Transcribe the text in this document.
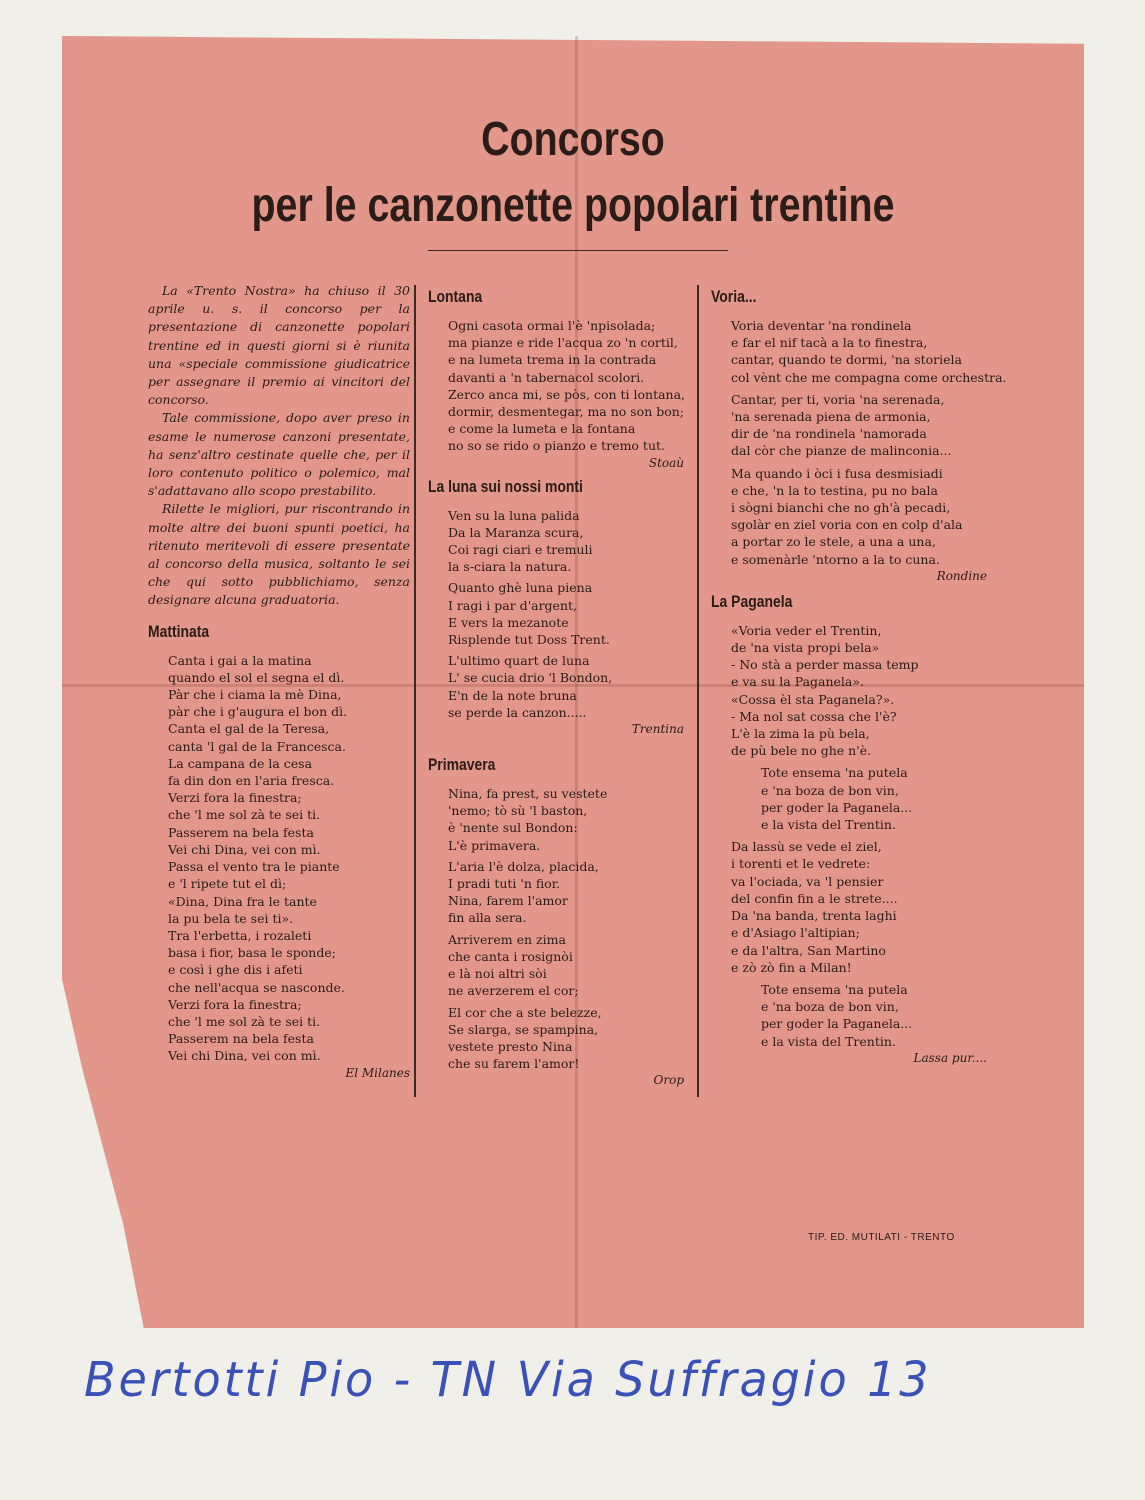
Concorso
per le canzonette popolari trentine

La «Trento Nostra» ha chiuso il 30 aprile u. s. il concorso per la presentazione di canzonette popolari trentine ed in questi giorni si è riunita una «speciale commissione giudicatrice per assegnare il premio ai vincitori del concorso.

Tale commissione, dopo aver preso in esame le numerose canzoni presentate, ha senz'altro cestinate quelle che, per il loro contenuto politico o polemico, mal s'adattavano allo scopo prestabilito.

Rilette le migliori, pur riscontrando in molte altre dei buoni spunti poetici, ha ritenuto meritevoli di essere presentate al concorso della musica, soltanto le sei che qui sotto pubblichiamo, senza designare alcuna graduatoria.

Mattinata

Canta i gai a la matina
quando el sol el segna el dì.
Pàr che i ciama la mè Dina,
pàr che i g'augura el bon dì.
Canta el gal de la Teresa,
canta 'l gal de la Francesca.
La campana de la cesa
fa din don en l'aria fresca.

Verzi fora la finestra;
che 'l me sol zà te sei ti.
Passerem na bela festa
Vei chi Dina, vei con mì.

Passa el vento tra le piante
e 'l ripete tut el dì;
«Dina, Dina fra le tante
la pu bela te sei ti».

Tra l'erbetta, i rozaleti
basa i fior, basa le sponde;
e così i ghe dis i afeti
che nell'acqua se nasconde.

Verzi fora la finestra;
che 'l me sol zà te sei ti.
Passerem na bela festa
Vei chi Dina, vei con mì.

El Milanes
Lontana

Ogni casota ormai l'è 'npisolada;
ma pianze e ride l'acqua zo 'n cortil,
e na lumeta trema in la contrada
davanti a 'n tabernacol scolori.
Zerco anca mi, se pòs, con ti lontana,
dormir, desmentegar, ma no son bon;
e come la lumeta e la fontana
no so se rido o pianzo e tremo tut.

Stoaù
La luna sui nossi monti

Ven su la luna palida
Da la Maranza scura,
Coi ragi ciari e tremuli
la s-ciara la natura.

Quanto ghè luna piena
I ragi i par d'argent,
E vers la mezanote
Risplende tut Doss Trent.

L'ultimo quart de luna
L' se cucia drio 'l Bondon,
E'n de la note bruna
se perde la canzon.....

Trentina
Primavera

Nina, fa prest, su vestete
'nemo; tò sù 'l baston,
è 'nente sul Bondon:
L'è primavera.

L'aria l'è dolza, placida,
I pradi tuti 'n fior.
Nina, farem l'amor
fin alla sera.

Arriverem en zima
che canta i rosignòi
e là noi altri sòi
ne averzerem el cor;

El cor che a ste belezze,
Se slarga, se spampina,
vestete presto Nina
che su farem l'amor!

Orop
Voria...

Voria deventar 'na rondinela
e far el nif tacà a la to finestra,
cantar, quando te dormi, 'na storiela
col vènt che me compagna come orchestra.

Cantar, per ti, voria 'na serenada,
'na serenada piena de armonia,
dir de 'na rondinela 'namorada
dal còr che pianze de malinconia...

Ma quando i òci i fusa desmisiadi
e che, 'n la to testina, pu no bala
i sògni bianchi che no gh'à pecadi,
sgolàr en ziel voria con en colp d'ala
a portar zo le stele, a una a una,
e somenàrle 'ntorno a la to cuna.

Rondine
La Paganela

«Voria veder el Trentin,
de 'na vista propi bela»
- No stà a perder massa temp
e va su la Paganela».
«Cossa èl sta Paganela?».
- Ma nol sat cossa che l'è?
L'è la zima la pù bela,
de pù bele no ghe n'è.

Tote ensema 'na putela
e 'na boza de bon vin,
per goder la Paganela...
e la vista del Trentin.

Da lassù se vede el ziel,
i torenti et le vedrete:
va l'ociada, va 'l pensier
del confin fin a le strete....
Da 'na banda, trenta laghi
e d'Asiago l'altipian;
e da l'altra, San Martino
e zò zò fin a Milan!

Tote ensema 'na putela
e 'na boza de bon vin,
per goder la Paganela...
e la vista del Trentin.

Lassa pur....
TIP. ED. MUTILATI - TRENTO
Bertotti Pio - TN Via Suffragio 13
